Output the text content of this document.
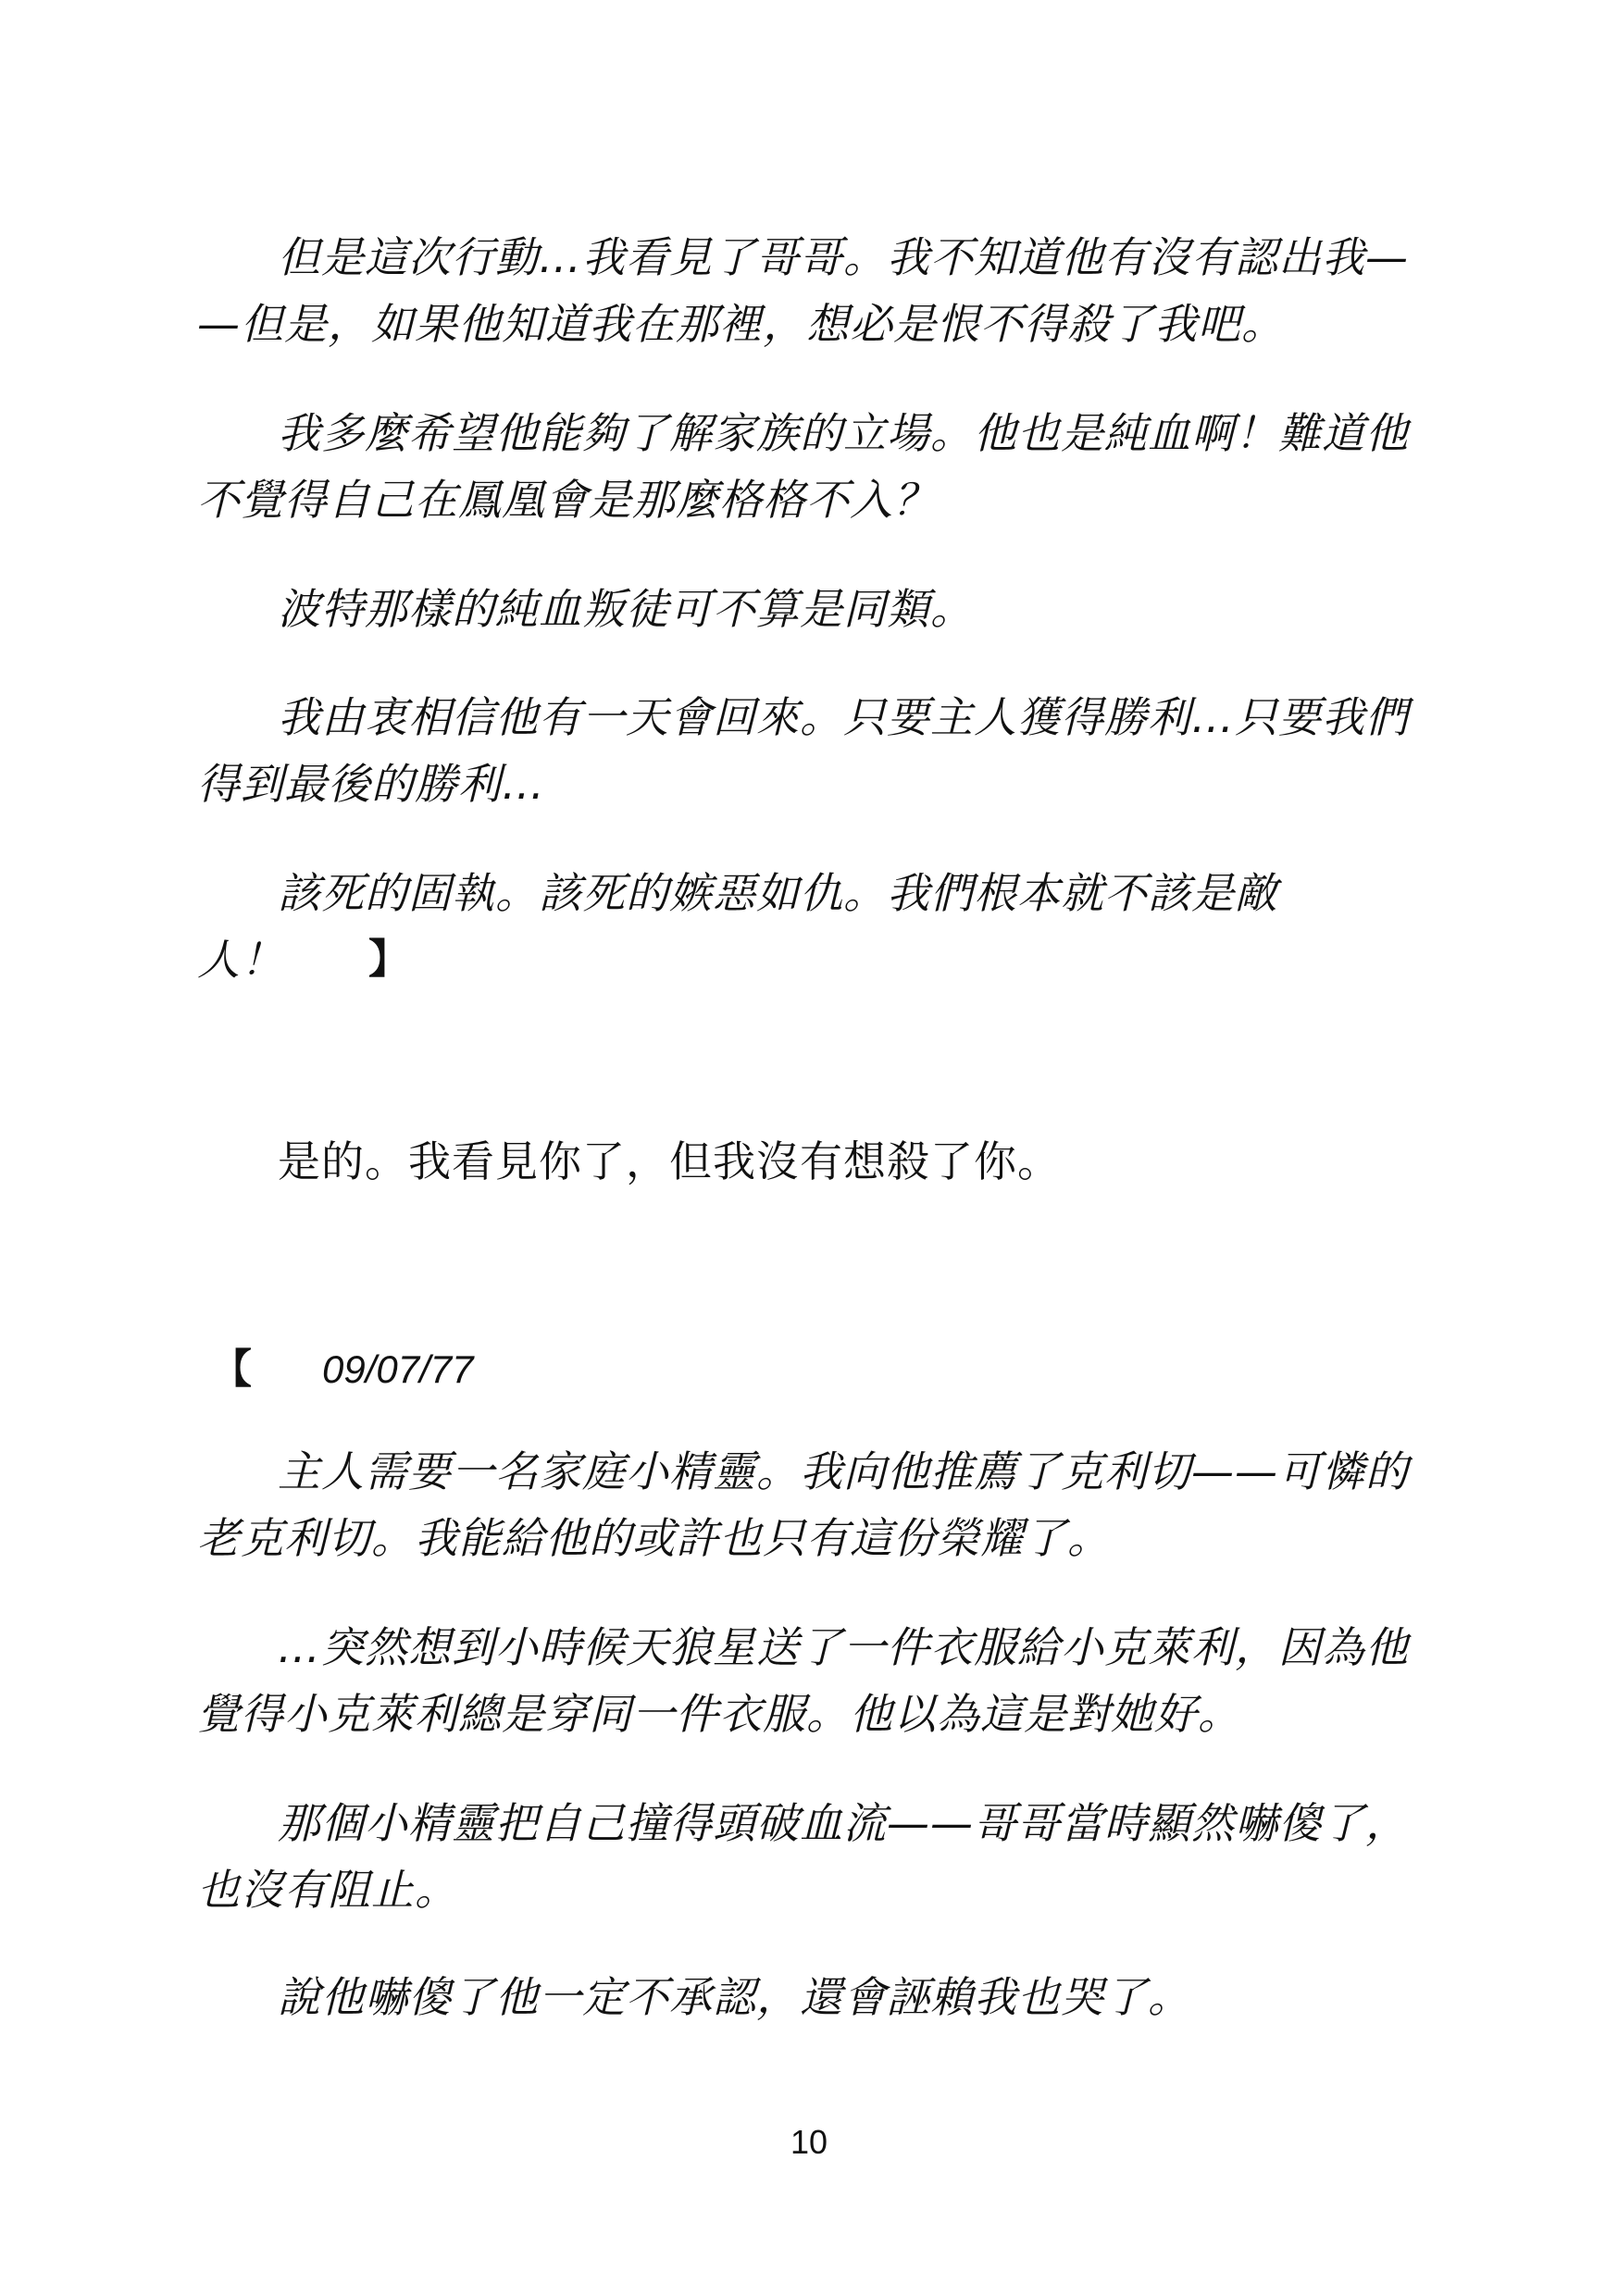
但是這次行動…我看見了哥哥。我不知道他有沒有認出我—
—但是，如果他知道我在那裡，想必是恨不得殺了我吧。
我多麼希望他能夠了解家族的立場。他也是純血啊！難道他
不覺得自己在鳳凰會是那麼格格不入？
波特那樣的純血叛徒可不算是同類。
我由衷相信他有一天會回來。只要主人獲得勝利…只要我們
得到最後的勝利…
該死的固執。該死的嫉惡如仇。我們根本就不該是敵
人！ 】
是的。我看見你了，但我沒有想殺了你。
【 09/07/77
主人需要一名家庭小精靈。我向他推薦了克利切——可憐的
老克利切。我能給他的或許也只有這份榮耀了。
…突然想到小時候天狼星送了一件衣服給小克萊利，因為他
覺得小克萊利總是穿同一件衣服。他以為這是對她好。
那個小精靈把自己撞得頭破血流——哥哥當時顯然嚇傻了，
也沒有阻止。
說他嚇傻了他一定不承認，還會誣賴我也哭了。
10
